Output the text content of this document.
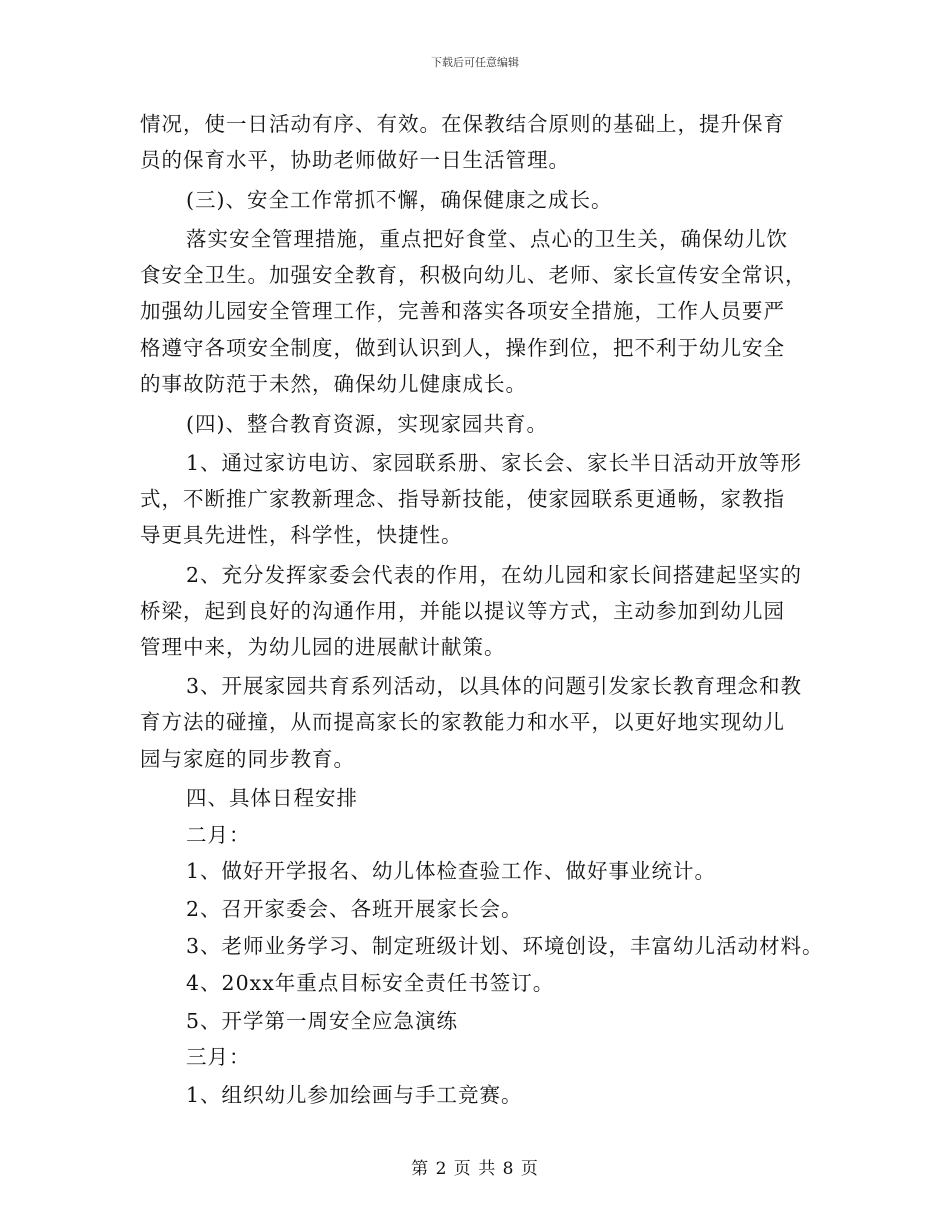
下载后可任意编辑
情况，使一日活动有序、有效。在保教结合原则的基础上，提升保育
员的保育水平，协助老师做好一日生活管理。
(三)、安全工作常抓不懈，确保健康之成长。
落实安全管理措施，重点把好食堂、点心的卫生关，确保幼儿饮
食安全卫生。加强安全教育，积极向幼儿、老师、家长宣传安全常识，
加强幼儿园安全管理工作，完善和落实各项安全措施，工作人员要严
格遵守各项安全制度，做到认识到人，操作到位，把不利于幼儿安全
的事故防范于未然，确保幼儿健康成长。
(四)、整合教育资源，实现家园共育。
1、通过家访电访、家园联系册、家长会、家长半日活动开放等形
式，不断推广家教新理念、指导新技能，使家园联系更通畅，家教指
导更具先进性，科学性，快捷性。
2、充分发挥家委会代表的作用，在幼儿园和家长间搭建起坚实的
桥梁，起到良好的沟通作用，并能以提议等方式，主动参加到幼儿园
管理中来，为幼儿园的进展献计献策。
3、开展家园共育系列活动，以具体的问题引发家长教育理念和教
育方法的碰撞，从而提高家长的家教能力和水平，以更好地实现幼儿
园与家庭的同步教育。
四、具体日程安排
二月：
1、做好开学报名、幼儿体检查验工作、做好事业统计。
2、召开家委会、各班开展家长会。
3、老师业务学习、制定班级计划、环境创设，丰富幼儿活动材料。
4、20xx年重点目标安全责任书签订。
5、开学第一周安全应急演练
三月：
1、组织幼儿参加绘画与手工竞赛。
第 2 页 共 8 页
